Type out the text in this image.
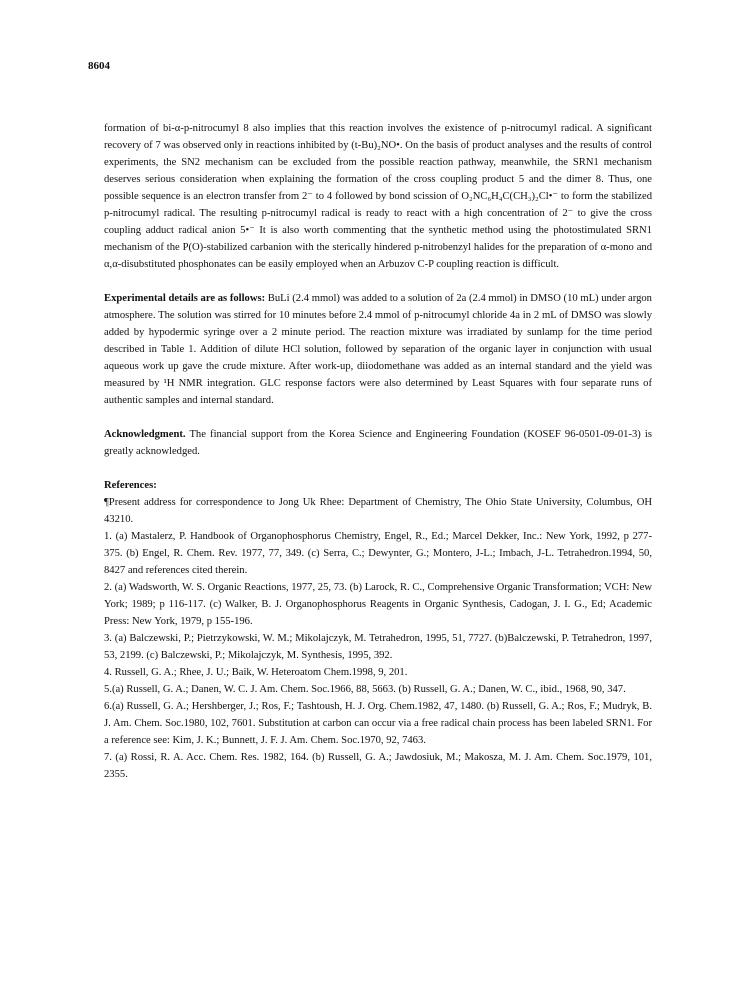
8604

formation of bi-α-p-nitrocumyl 8 also implies that this reaction involves the existence of p-nitrocumyl radical. A significant recovery of 7 was observed only in reactions inhibited by (t-Bu)₂NO•. On the basis of product analyses and the results of control experiments, the SN2 mechanism can be excluded from the possible reaction pathway, meanwhile, the SRN1 mechanism deserves serious consideration when explaining the formation of the cross coupling product 5 and the dimer 8. Thus, one possible sequence is an electron transfer from 2⁻ to 4 followed by bond scission of O₂NC₆H₄C(CH₃)₂Cl•⁻ to form the stabilized p-nitrocumyl radical. The resulting p-nitrocumyl radical is ready to react with a high concentration of 2⁻ to give the cross coupling adduct radical anion 5•⁻ It is also worth commenting that the synthetic method using the photostimulated SRN1 mechanism of the P(O)-stabilized carbanion with the sterically hindered p-nitrobenzyl halides for the preparation of α-mono and α,α-disubstituted phosphonates can be easily employed when an Arbuzov C-P coupling reaction is difficult.

Experimental details are as follows: BuLi (2.4 mmol) was added to a solution of 2a (2.4 mmol) in DMSO (10 mL) under argon atmosphere. The solution was stirred for 10 minutes before 2.4 mmol of p-nitrocumyl chloride 4a in 2 mL of DMSO was slowly added by hypodermic syringe over a 2 minute period. The reaction mixture was irradiated by sunlamp for the time period described in Table 1. Addition of dilute HCl solution, followed by separation of the organic layer in conjunction with usual aqueous work up gave the crude mixture. After work-up, diiodomethane was added as an internal standard and the yield was measured by ¹H NMR integration. GLC response factors were also determined by Least Squares with four separate runs of authentic samples and internal standard.

Acknowledgment. The financial support from the Korea Science and Engineering Foundation (KOSEF 96-0501-09-01-3) is greatly acknowledged.

References:

¶Present address for correspondence to Jong Uk Rhee: Department of Chemistry, The Ohio State University, Columbus, OH 43210.

1. (a) Mastalerz, P. Handbook of Organophosphorus Chemistry, Engel, R., Ed.; Marcel Dekker, Inc.: New York, 1992, p 277-375. (b) Engel, R. Chem. Rev. 1977, 77, 349. (c) Serra, C.; Dewynter, G.; Montero, J-L.; Imbach, J-L. Tetrahedron.1994, 50, 8427 and references cited therein.

2. (a) Wadsworth, W. S. Organic Reactions, 1977, 25, 73. (b) Larock, R. C., Comprehensive Organic Transformation; VCH: New York; 1989; p 116-117. (c) Walker, B. J. Organophosphorus Reagents in Organic Synthesis, Cadogan, J. I. G., Ed; Academic Press: New York, 1979, p 155-196.

3. (a) Balczewski, P.; Pietrzykowski, W. M.; Mikolajczyk, M. Tetrahedron, 1995, 51, 7727. (b)Balczewski, P. Tetrahedron, 1997, 53, 2199. (c) Balczewski, P.; Mikolajczyk, M. Synthesis, 1995, 392.

4. Russell, G. A.; Rhee, J. U.; Baik, W. Heteroatom Chem.1998, 9, 201.

5.(a) Russell, G. A.; Danen, W. C. J. Am. Chem. Soc.1966, 88, 5663. (b) Russell, G. A.; Danen, W. C., ibid., 1968, 90, 347.

6.(a) Russell, G. A.; Hershberger, J.; Ros, F.; Tashtoush, H. J. Org. Chem.1982, 47, 1480. (b) Russell, G. A.; Ros, F.; Mudryk, B. J. Am. Chem. Soc.1980, 102, 7601. Substitution at carbon can occur via a free radical chain process has been labeled SRN1. For a reference see: Kim, J. K.; Bunnett, J. F. J. Am. Chem. Soc.1970, 92, 7463.

7. (a) Rossi, R. A. Acc. Chem. Res. 1982, 164. (b) Russell, G. A.; Jawdosiuk, M.; Makosza, M. J. Am. Chem. Soc.1979, 101, 2355.
